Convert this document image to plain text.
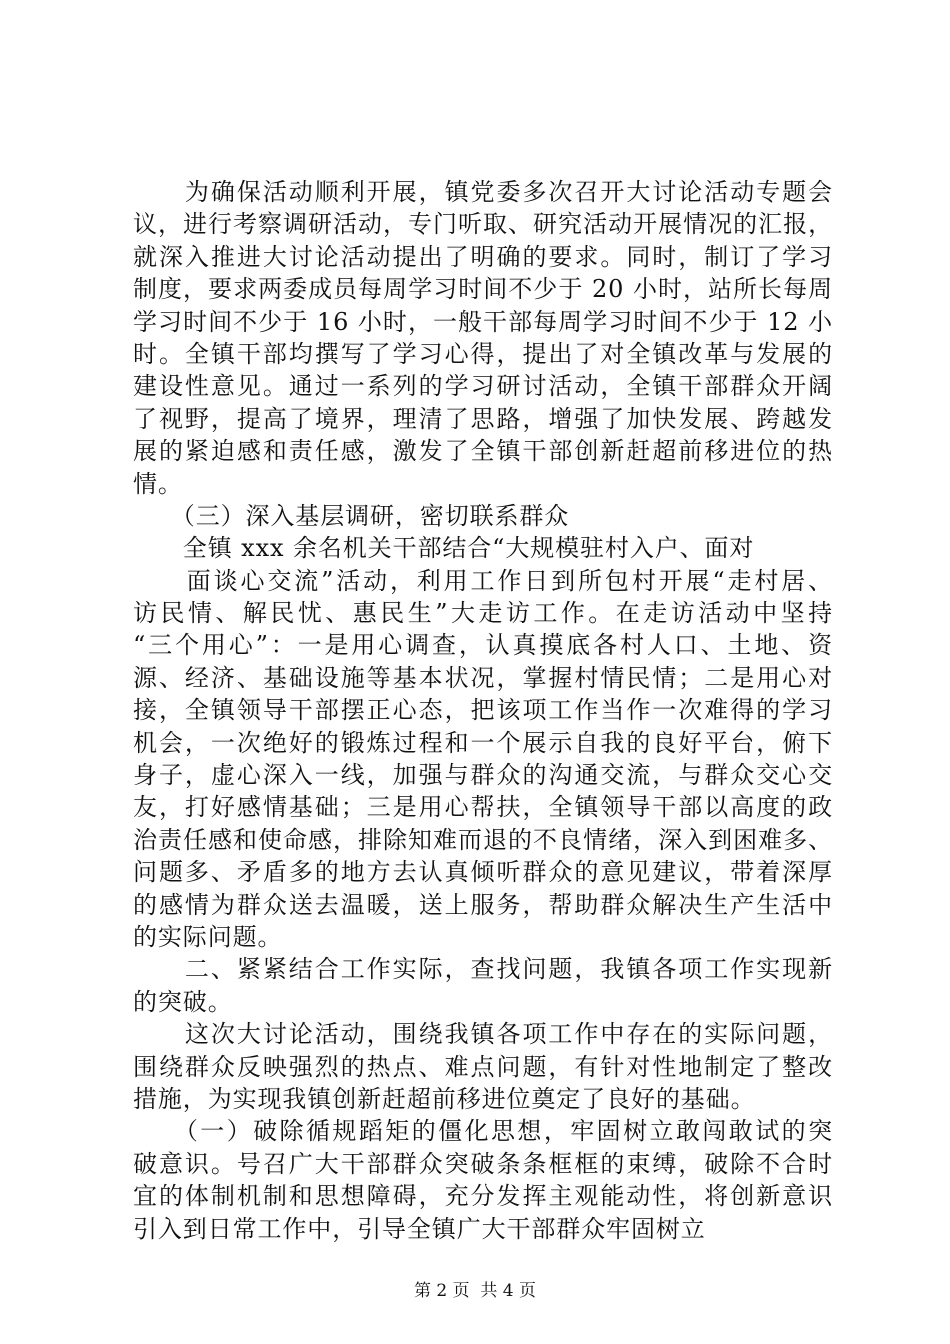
　　为确保活动顺利开展，镇党委多次召开大讨论活动专题会
议，进行考察调研活动，专门听取、研究活动开展情况的汇报，
就深入推进大讨论活动提出了明确的要求。同时，制订了学习
制度，要求两委成员每周学习时间不少于 20 小时，站所长每周
学习时间不少于 16 小时，一般干部每周学习时间不少于 12 小
时。全镇干部均撰写了学习心得，提出了对全镇改革与发展的
建设性意见。通过一系列的学习研讨活动，全镇干部群众开阔
了视野，提高了境界，理清了思路，增强了加快发展、跨越发
展的紧迫感和责任感，激发了全镇干部创新赶超前移进位的热
情。
　　（三）深入基层调研，密切联系群众
　　全镇 xxx 余名机关干部结合“大规模驻村入户、面对
　　面谈心交流”活动，利用工作日到所包村开展“走村居、
访民情、解民忧、惠民生”大走访工作。在走访活动中坚持
“三个用心”：一是用心调查，认真摸底各村人口、土地、资
源、经济、基础设施等基本状况，掌握村情民情；二是用心对
接，全镇领导干部摆正心态，把该项工作当作一次难得的学习
机会，一次绝好的锻炼过程和一个展示自我的良好平台，俯下
身子，虚心深入一线，加强与群众的沟通交流，与群众交心交
友，打好感情基础；三是用心帮扶，全镇领导干部以高度的政
治责任感和使命感，排除知难而退的不良情绪，深入到困难多、
问题多、矛盾多的地方去认真倾听群众的意见建议，带着深厚
的感情为群众送去温暖，送上服务，帮助群众解决生产生活中
的实际问题。
　　二、紧紧结合工作实际，查找问题，我镇各项工作实现新
的突破。
　　这次大讨论活动，围绕我镇各项工作中存在的实际问题，
围绕群众反映强烈的热点、难点问题，有针对性地制定了整改
措施，为实现我镇创新赶超前移进位奠定了良好的基础。
　　（一）破除循规蹈矩的僵化思想，牢固树立敢闯敢试的突
破意识。号召广大干部群众突破条条框框的束缚，破除不合时
宜的体制机制和思想障碍，充分发挥主观能动性，将创新意识
引入到日常工作中，引导全镇广大干部群众牢固树立
第 2 页  共 4 页
